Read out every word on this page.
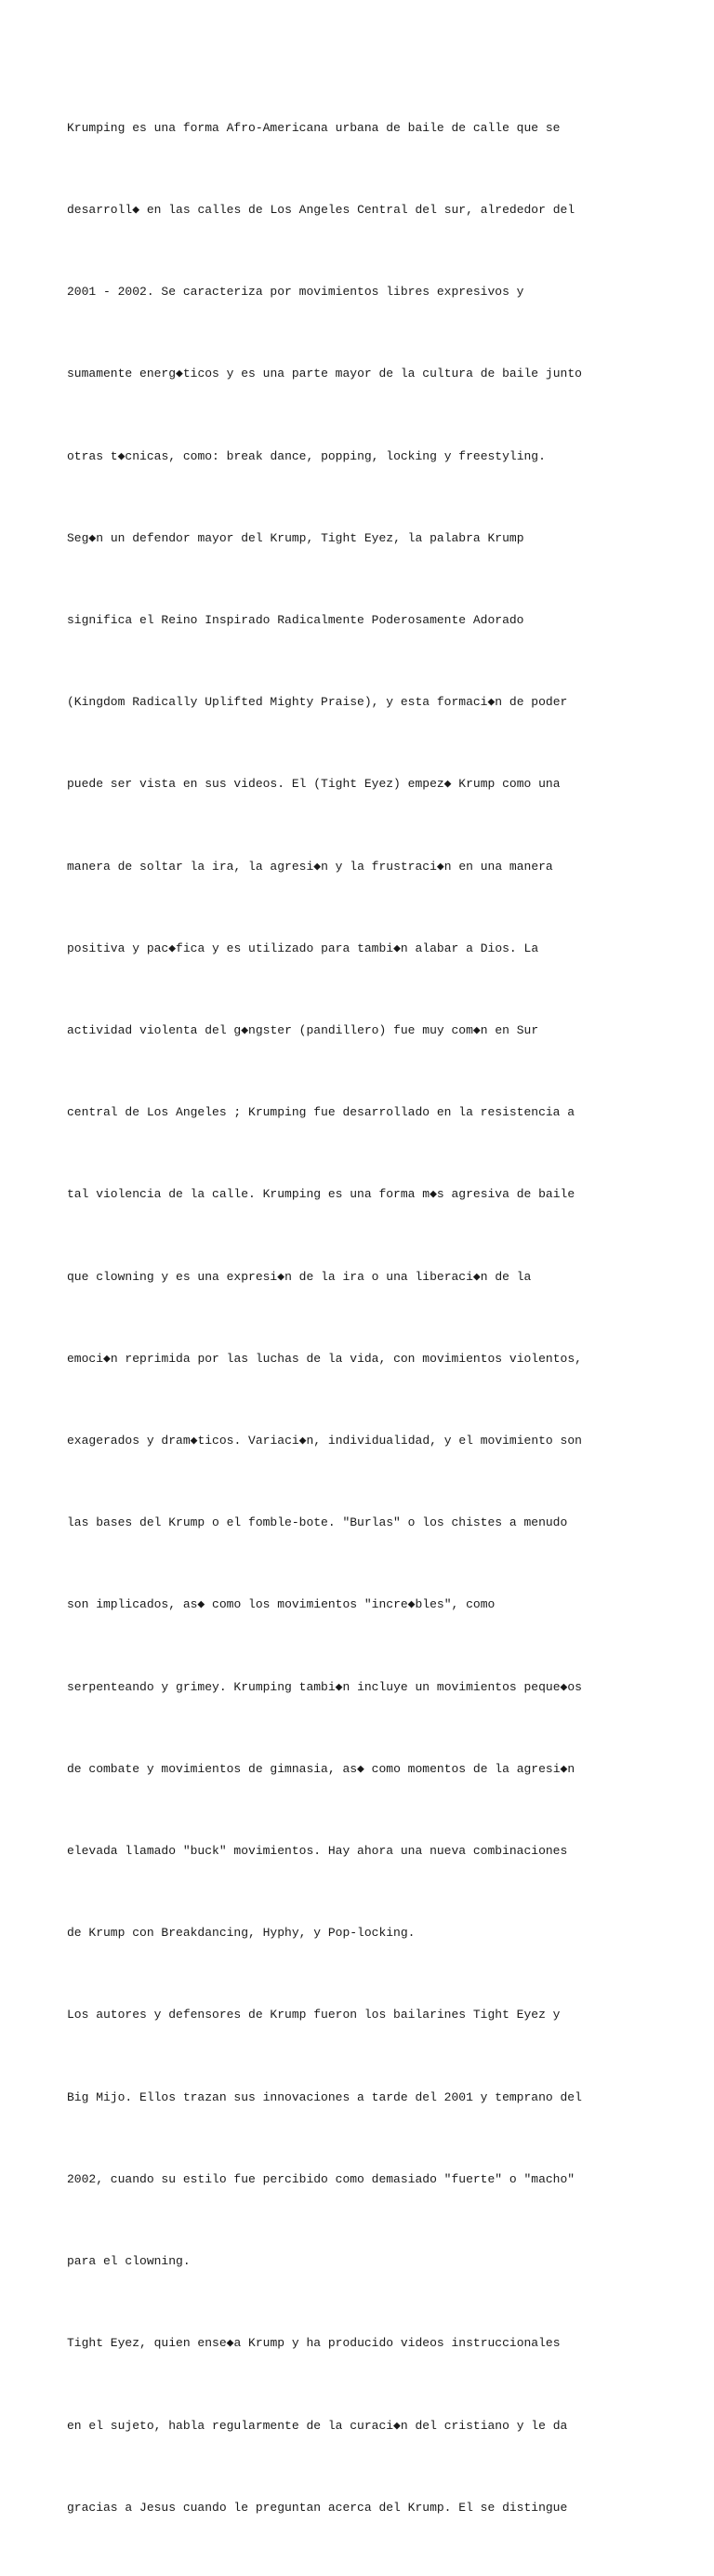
Krumping es una forma Afro-Americana urbana de baile de calle que se

desarroll◆ en las calles de Los Angeles Central del sur, alrededor del

2001 - 2002. Se caracteriza por movimientos libres expresivos y

sumamente energ◆ticos y es una parte mayor de la cultura de baile junto

otras t◆cnicas, como: break dance, popping, locking y freestyling.

Seg◆n un defendor mayor del Krump, Tight Eyez, la palabra Krump

significa el Reino Inspirado Radicalmente Poderosamente Adorado

(Kingdom Radically Uplifted Mighty Praise), y esta formaci◆n de poder

puede ser vista en sus videos. El (Tight Eyez) empez◆ Krump como una

manera de soltar la ira, la agresi◆n y la frustraci◆n en una manera

positiva y pac◆fica y es utilizado para tambi◆n alabar a Dios. La

actividad violenta del g◆ngster (pandillero) fue muy com◆n en Sur

central de Los Angeles ; Krumping fue desarrollado en la resistencia a

tal violencia de la calle. Krumping es una forma m◆s agresiva de baile

que clowning y es una expresi◆n de la ira o una liberaci◆n de la

emoci◆n reprimida por las luchas de la vida, con movimientos violentos,

exagerados y dram◆ticos. Variaci◆n, individualidad, y el movimiento son

las bases del Krump o el fomble-bote. "Burlas" o los chistes a menudo

son implicados, as◆ como los movimientos "incre◆bles", como

serpenteando y grimey. Krumping tambi◆n incluye un movimientos peque◆os

de combate y movimientos de gimnasia, as◆ como momentos de la agresi◆n

elevada llamado "buck" movimientos. Hay ahora una nueva combinaciones

de Krump con Breakdancing, Hyphy, y Pop-locking.

Los autores y defensores de Krump fueron los bailarines Tight Eyez y

Big Mijo. Ellos trazan sus innovaciones a tarde del 2001 y temprano del

2002, cuando su estilo fue percibido como demasiado "fuerte" o "macho"

para el clowning.

Tight Eyez, quien ense◆a Krump y ha producido videos instruccionales

en el sujeto, habla regularmente de la curaci◆n del cristiano y le da

gracias a Jesus cuando le preguntan acerca del Krump. El se distingue
